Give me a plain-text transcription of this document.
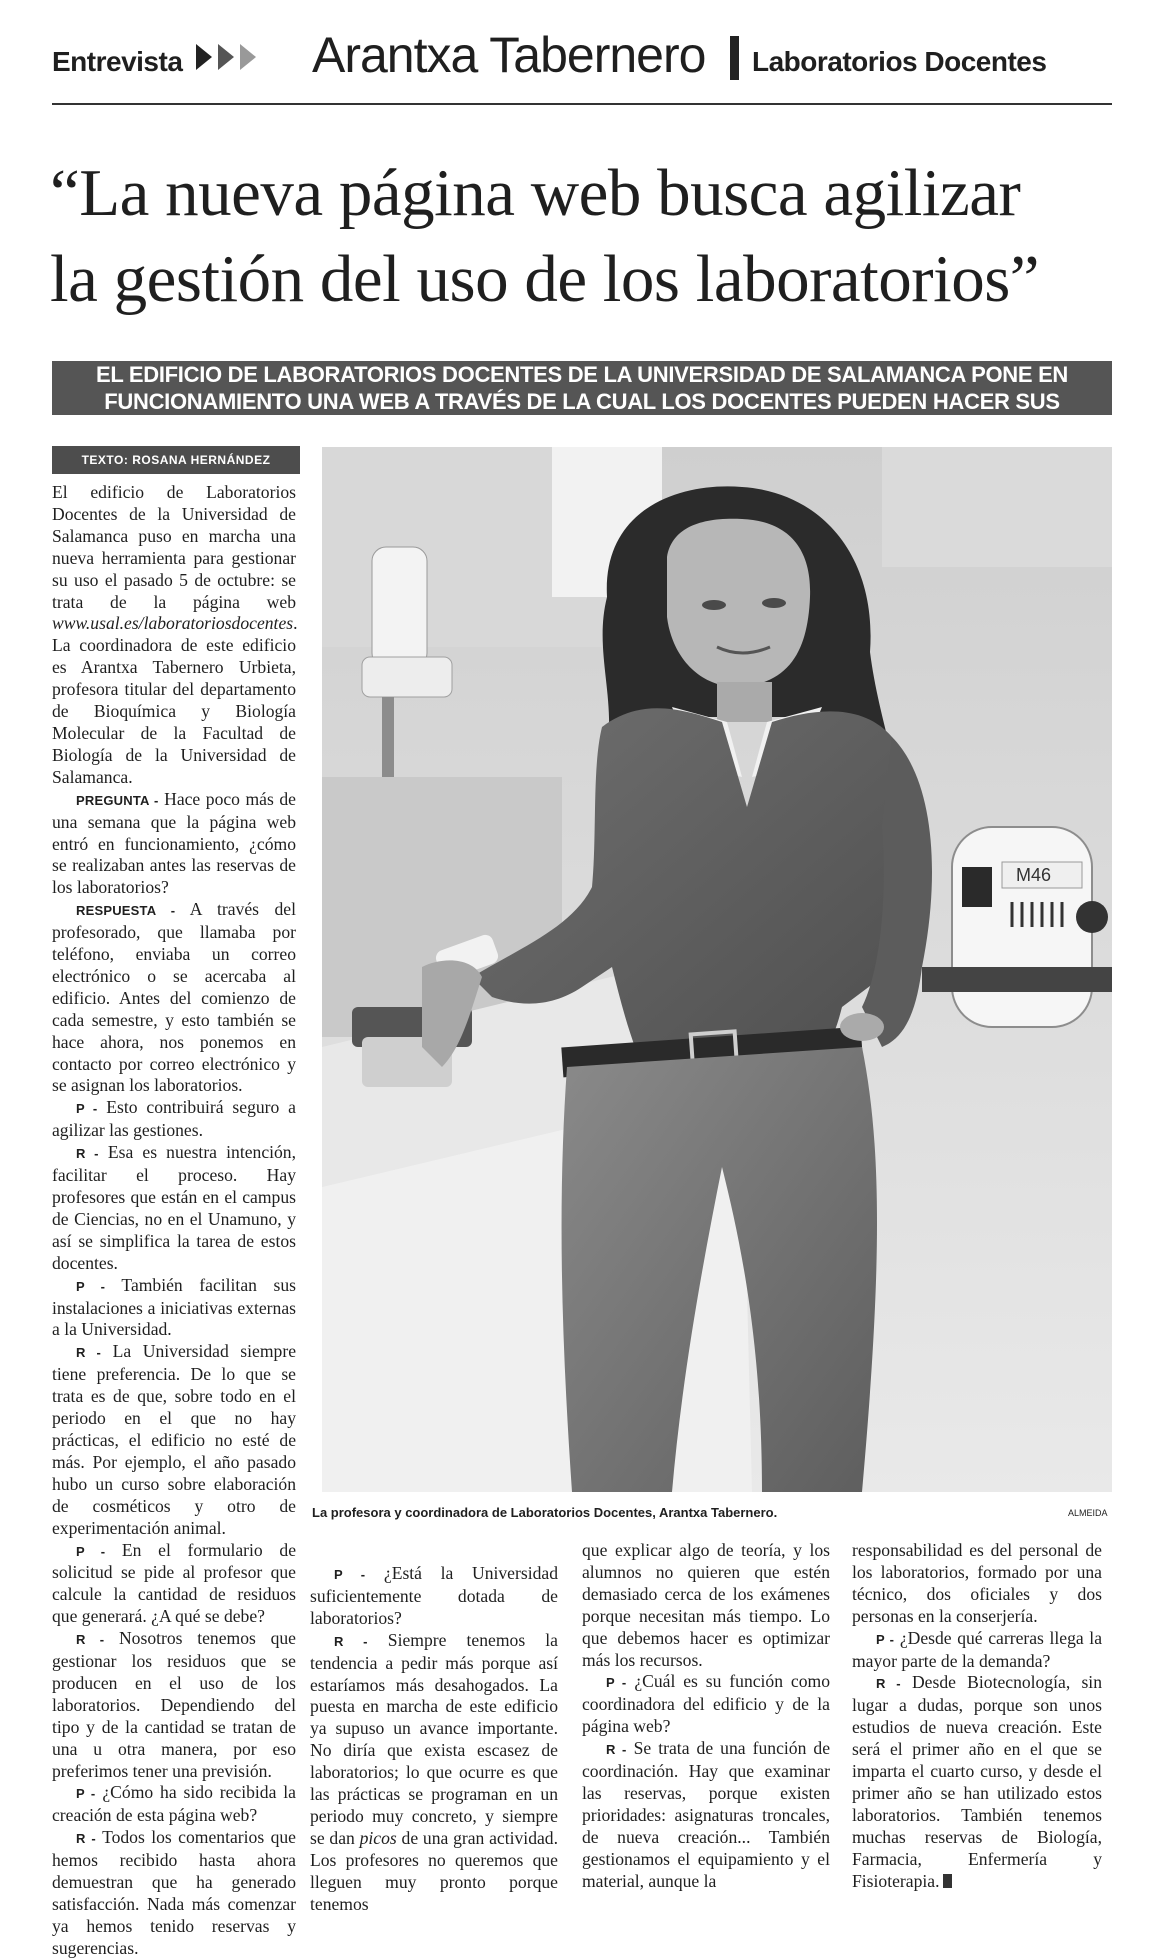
Entrevista	Arantxa Tabernero Laboratorios Docentes
“La nueva página web busca agilizar
la gestión del uso de los laboratorios”
EL EDIFICIO DE LABORATORIOS DOCENTES DE LA UNIVERSIDAD DE SALAMANCA PONE EN
FUNCIONAMIENTO UNA WEB A TRAVÉS DE LA CUAL LOS DOCENTES PUEDEN HACER SUS RESERVAS
TEXTO: ROSANA HERNÁNDEZ

El edificio de Laboratorios Docentes de la Universidad de Salamanca puso en marcha una nueva herramienta para gestionar su uso el pasado 5 de octubre: se trata de la página web www.usal.es/laboratoriosdocentes. La coordinadora de este edificio es Arantxa Tabernero Urbieta, profesora titular del departamento de Bioquímica y Biología Molecular de la Facultad de Biología de la Universidad de Salamanca.

PREGUNTA - Hace poco más de una semana que la página web entró en funcionamiento, ¿cómo se realizaban antes las reservas de los laboratorios?

RESPUESTA - A través del profesorado, que llamaba por teléfono, enviaba un correo electrónico o se acercaba al edificio. Antes del comienzo de cada semestre, y esto también se hace ahora, nos ponemos en contacto por correo electrónico y se asignan los laboratorios.

P - Esto contribuirá seguro a agilizar las gestiones.

R - Esa es nuestra intención, facilitar el proceso. Hay profesores que están en el campus de Ciencias, no en el Unamuno, y así se simplifica la tarea de estos docentes.

P - También facilitan sus instalaciones a iniciativas externas a la Universidad.

R - La Universidad siempre tiene preferencia. De lo que se trata es de que, sobre todo en el periodo en el que no hay prácticas, el edificio no esté de más. Por ejemplo, el año pasado hubo un curso sobre elaboración de cosméticos y otro de experimentación animal.

P - En el formulario de solicitud se pide al profesor que calcule la cantidad de residuos que generará. ¿A qué se debe?

R - Nosotros tenemos que gestionar los residuos que se producen en el uso de los laboratorios. Dependiendo del tipo y de la cantidad se tratan de una u otra manera, por eso preferimos tener una previsión.

P - ¿Cómo ha sido recibida la creación de esta página web?

R - Todos los comentarios que hemos recibido hasta ahora demuestran que ha generado satisfacción. Nada más comenzar ya hemos tenido reservas y sugerencias.

M46
La profesora y coordinadora de Laboratorios Docentes, Arantxa Tabernero.	ALMEIDA

P - ¿Está la Universidad suficientemente dotada de laboratorios?

R - Siempre tenemos la tendencia a pedir más porque así estaríamos más desahogados. La puesta en marcha de este edificio ya supuso un avance importante. No diría que exista escasez de laboratorios; lo que ocurre es que las prácticas se programan en un periodo muy concreto, y siempre se dan picos de una gran actividad. Los profesores no queremos que lleguen muy pronto porque tenemos

que explicar algo de teoría, y los alumnos no quieren que estén demasiado cerca de los exámenes porque necesitan más tiempo. Lo que debemos hacer es optimizar más los recursos.

P - ¿Cuál es su función como coordinadora del edificio y de la página web?

R - Se trata de una función de coordinación. Hay que examinar las reservas, porque existen prioridades: asignaturas troncales, de nueva creación... También gestionamos el equipamiento y el material, aunque la

responsabilidad es del personal de los laboratorios, formado por una técnico, dos oficiales y dos personas en la conserjería.

P - ¿Desde qué carreras llega la mayor parte de la demanda?

R - Desde Biotecnología, sin lugar a dudas, porque son unos estudios de nueva creación. Este será el primer año en el que se imparta el cuarto curso, y desde el primer año se han utilizado estos laboratorios. También tenemos muchas reservas de Biología, Farmacia, Enfermería y Fisioterapia.
